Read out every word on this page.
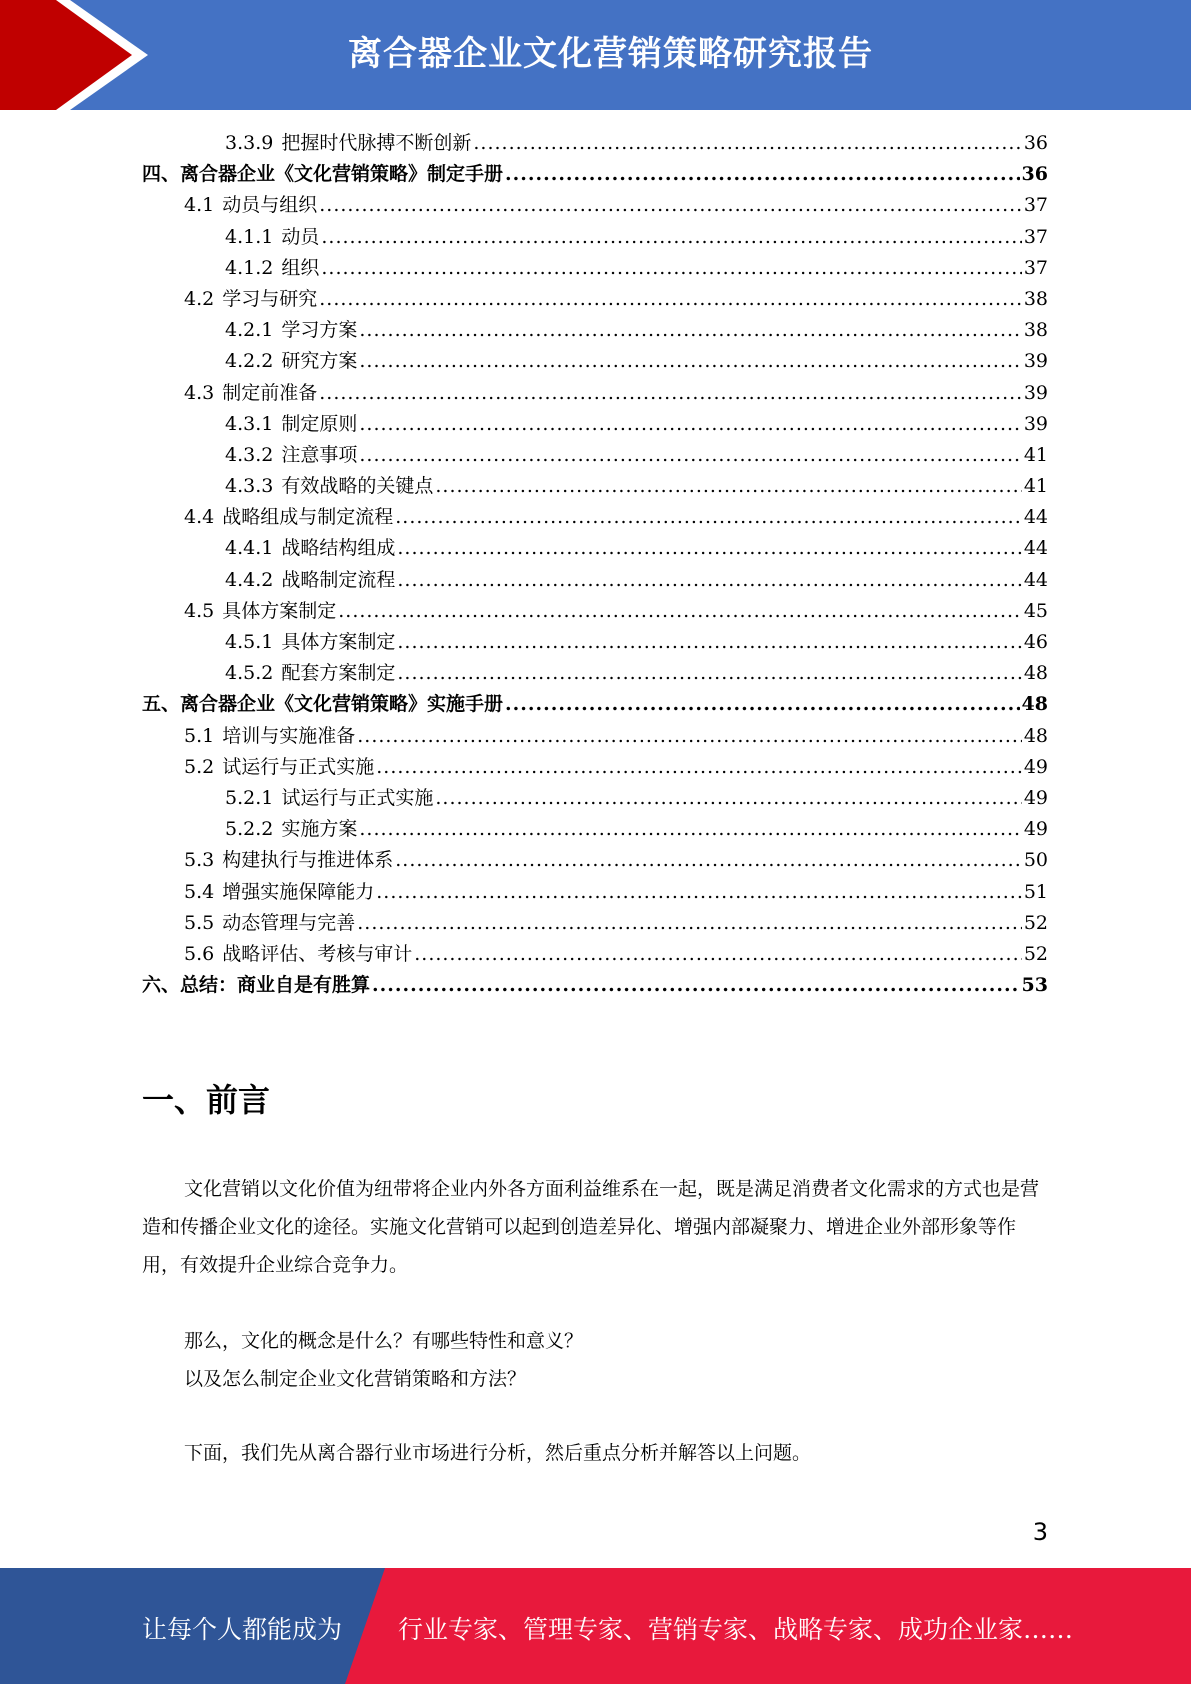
离合器企业文化营销策略研究报告
3.3.9 把握时代脉搏不断创新 .....	36
四、离合器企业《文化营销策略》制定手册 .....	36
4.1 动员与组织 .....	37
4.1.1 动员 .....	37
4.1.2 组织 .....	37
4.2 学习与研究 .....	38
4.2.1 学习方案 .....	38
4.2.2 研究方案 .....	39
4.3 制定前准备 .....	39
4.3.1 制定原则 .....	39
4.3.2 注意事项 .....	41
4.3.3 有效战略的关键点 .....	41
4.4 战略组成与制定流程 .....	44
4.4.1 战略结构组成 .....	44
4.4.2 战略制定流程 .....	44
4.5 具体方案制定 .....	45
4.5.1 具体方案制定 .....	46
4.5.2 配套方案制定 .....	48
五、离合器企业《文化营销策略》实施手册 .....	48
5.1 培训与实施准备 .....	48
5.2 试运行与正式实施 .....	49
5.2.1 试运行与正式实施 .....	49
5.2.2 实施方案 .....	49
5.3 构建执行与推进体系 .....	50
5.4 增强实施保障能力 .....	51
5.5 动态管理与完善 .....	52
5.6 战略评估、考核与审计 .....	52
六、总结：商业自是有胜算 .....	53
一、前言
文化营销以文化价值为纽带将企业内外各方面利益维系在一起，既是满足消费者文化需求的方式也是营造和传播企业文化的途径。实施文化营销可以起到创造差异化、增强内部凝聚力、增进企业外部形象等作用，有效提升企业综合竞争力。
那么，文化的概念是什么？有哪些特性和意义？
以及怎么制定企业文化营销策略和方法？
下面，我们先从离合器行业市场进行分析，然后重点分析并解答以上问题。
3
让每个人都能成为 行业专家、管理专家、营销专家、战略专家、成功企业家……
